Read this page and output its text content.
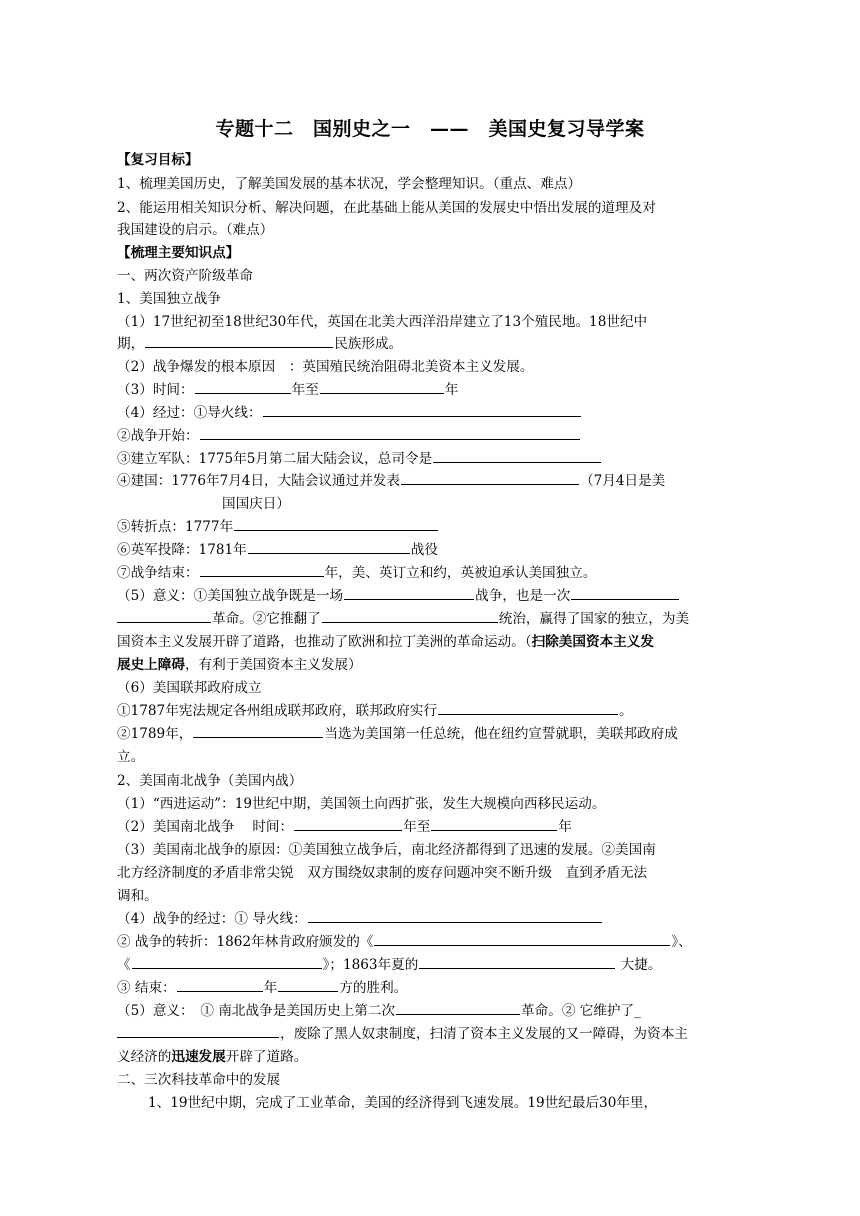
专题十二　国别史之一　——　美国史复习导学案
【复习目标】
1、梳理美国历史，了解美国发展的基本状况，学会整理知识。（重点、难点）
2、能运用相关知识分析、解决问题，在此基础上能从美国的发展史中悟出发展的道理及对
我国建设的启示。（难点）
【梳理主要知识点】
一、两次资产阶级革命
1、美国独立战争
（1）17世纪初至18世纪30年代，英国在北美大西洋沿岸建立了13个殖民地。18世纪中
期，	民族形成。
（2）战争爆发的根本原因　：英国殖民统治阻碍北美资本主义发展。
（3）时间：	年至	年
（4）经过：①导火线：
②战争开始：
③建立军队：1775年5月第二届大陆会议，总司令是
④建国：1776年7月4日，大陆会议通过并发表	（7月4日是美
国国庆日）
⑤转折点：1777年
⑥英军投降：1781年	战役
⑦战争结束：	年，美、英订立和约，英被迫承认美国独立。
（5）意义：①美国独立战争既是一场	战争，也是一次
革命。②它推翻了	统治，赢得了国家的独立，为美
国资本主义发展开辟了道路，也推动了欧洲和拉丁美洲的革命运动。（扫除美国资本主义发
展史上障碍，有利于美国资本主义发展）
（6）美国联邦政府成立
①1787年宪法规定各州组成联邦政府，联邦政府实行	。
②1789年，	当选为美国第一任总统，他在纽约宣誓就职，美联邦政府成
立。
2、美国南北战争（美国内战）
（1）“西进运动”：19世纪中期，美国领土向西扩张，发生大规模向西移民运动。
（2）美国南北战争　 时间：	年至	年
（3）美国南北战争的原因：①美国独立战争后，南北经济都得到了迅速的发展。②美国南
北方经济制度的矛盾非常尖锐　双方围绕奴隶制的废存问题冲突不断升级　直到矛盾无法
调和。
（4）战争的经过：① 导火线：
② 战争的转折：1862年林肯政府颁发的《	》、
《	》；1863年夏的	大捷。
③ 结束：	年	方的胜利。
（5）意义：　① 南北战争是美国历史上第二次	革命。② 它维护了_
，废除了黑人奴隶制度，扫清了资本主义发展的又一障碍，为资本主
义经济的迅速发展开辟了道路。
二、三次科技革命中的发展
1、19世纪中期，完成了工业革命，美国的经济得到飞速发展。19世纪最后30年里，
